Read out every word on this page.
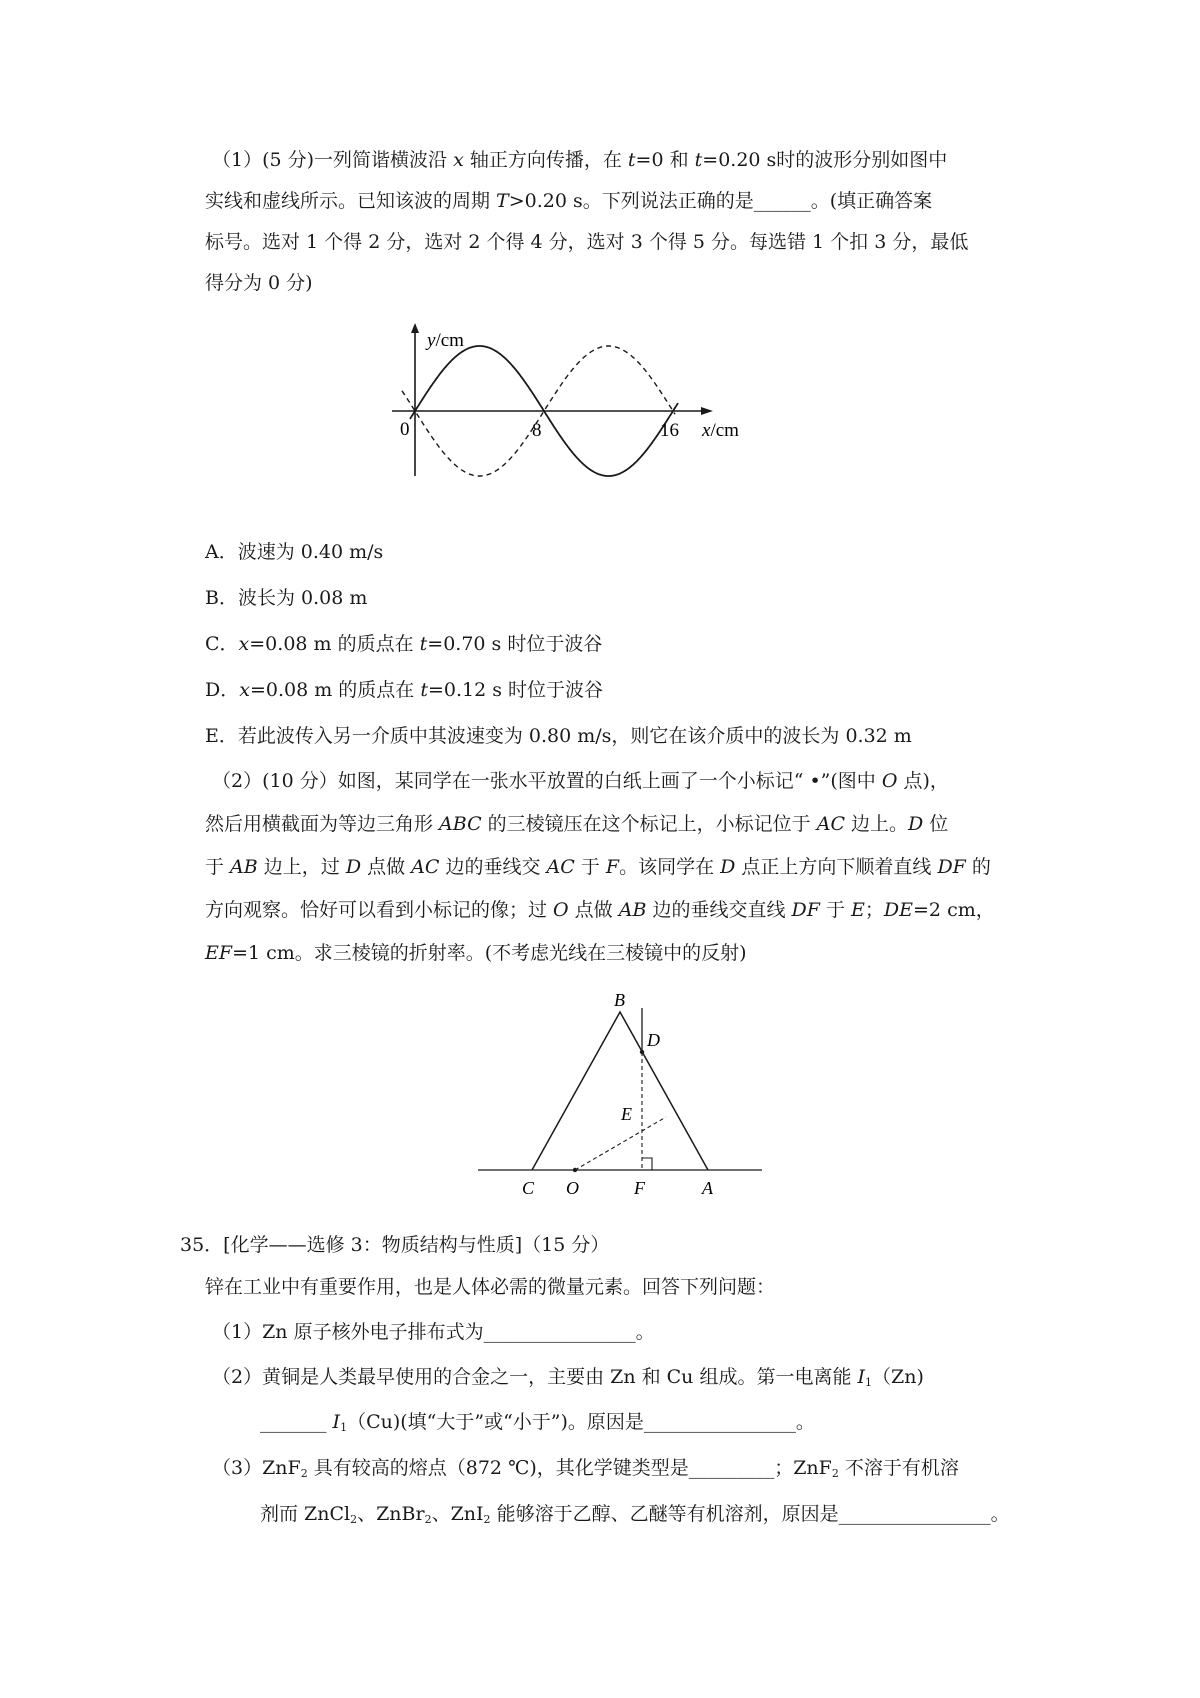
（1）(5 分)一列简谐横波沿 x 轴正方向传播，在 t=0 和 t=0.20 s时的波形分别如图中
实线和虚线所示。已知该波的周期 T>0.20 s。下列说法正确的是______。(填正确答案
标号。选对 1 个得 2 分，选对 2 个得 4 分，选对 3 个得 5 分。每选错 1 个扣 3 分，最低
得分为 0 分)
y/cm
0	8	16 x/cm
A．波速为 0.40 m/s
B．波长为 0.08 m
C．x=0.08 m 的质点在 t=0.70 s 时位于波谷
D．x=0.08 m 的质点在 t=0.12 s 时位于波谷
E．若此波传入另一介质中其波速变为 0.80 m/s，则它在该介质中的波长为 0.32 m
（2）(10 分）如图，某同学在一张水平放置的白纸上画了一个小标记“ •”(图中 O 点)，
然后用横截面为等边三角形 ABC 的三棱镜压在这个标记上，小标记位于 AC 边上。D 位
于 AB 边上，过 D 点做 AC 边的垂线交 AC 于 F。该同学在 D 点正上方向下顺着直线 DF 的
方向观察。恰好可以看到小标记的像；过 O 点做 AB 边的垂线交直线 DF 于 E；DE=2 cm，
EF=1 cm。求三棱镜的折射率。(不考虑光线在三棱镜中的反射)
B
D
E
C O	F	A
35．[化学——选修 3：物质结构与性质]（15 分）
锌在工业中有重要作用，也是人体必需的微量元素。回答下列问题：
（1）Zn 原子核外电子排布式为________________。
（2）黄铜是人类最早使用的合金之一，主要由 Zn 和 Cu 组成。第一电离能 $I_1(Zn)$
_______ $I_1(Cu)$(填“大于”或“小于”)。原因是________________。
（3）ZnF$_2$ 具有较高的熔点（872 ℃)，其化学键类型是_________；ZnF$_2$ 不溶于有机溶
剂而 ZnCl$_2$、ZnBr$_2$、ZnI$_2$ 能够溶于乙醇、乙醚等有机溶剂，原因是________________。
